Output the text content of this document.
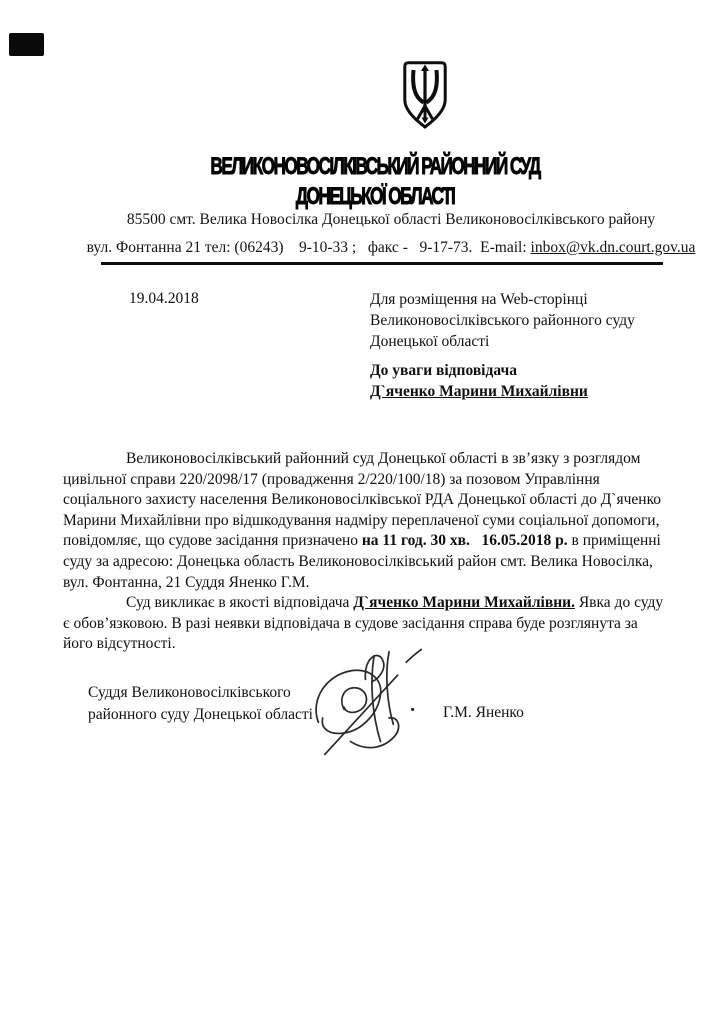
ВЕЛИКОНОВОСІЛКІВСЬКИЙ РАЙОННИЙ СУД
ДОНЕЦЬКОЇ ОБЛАСТІ
85500 смт. Велика Новосілка Донецької області Великоновосілківського району
вул. Фонтанна 21 тел: (06243)    9-10-33 ;   факс -   9-17-73.  E-mail: inbox@vk.dn.court.gov.ua
19.04.2018	Для розміщення на Web-сторінці
Великоновосілківського районного суду
Донецької області
До уваги відповідача
Д`яченко Марини Михайлівни

Великоновосілківський районний суд Донецької області в зв’язку з розглядом цивільної справи 220/2098/17 (провадження 2/220/100/18) за позовом Управління соціального захисту населення Великоновосілківської РДА Донецької області до Д`яченко Марини Михайлівни про відшкодування надміру переплаченої суми соціальної допомоги, повідомляє, що судове засідання призначено на 11 год. 30 хв.   16.05.2018 р. в приміщенні суду за адресою: Донецька область Великоновосілківський район смт. Велика Новосілка, вул. Фонтанна, 21 Суддя Яненко Г.М.

Суд викликає в якості відповідача Д`яченко Марини Михайлівни. Явка до суду є обов’язковою. В разі неявки відповідача в судове засідання справа буде розглянута за його відсутності.

Суддя Великоновосілківського
районного суду Донецької області	Г.М. Яненко
